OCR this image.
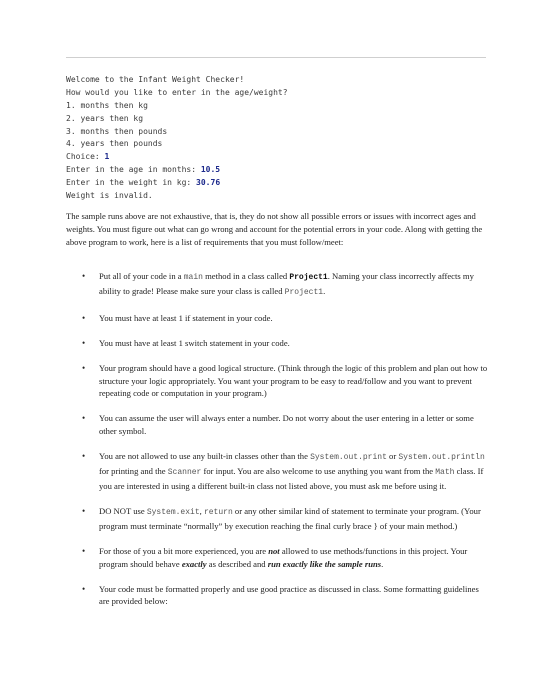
Welcome to the Infant Weight Checker!
How would you like to enter in the age/weight?
1. months then kg
2. years then kg
3. months then pounds
4. years then pounds
Choice: 1
Enter in the age in months: 10.5
Enter in the weight in kg: 30.76
Weight is invalid.

The sample runs above are not exhaustive, that is, they do not show all possible errors or issues with incorrect ages and weights. You must figure out what can go wrong and account for the potential errors in your code. Along with getting the above program to work, here is a list of requirements that you must follow/meet:

• Put all of your code in a main method in a class called Project1. Naming your class incorrectly affects my ability to grade! Please make sure your class is called Project1.
• You must have at least 1 if statement in your code.
• You must have at least 1 switch statement in your code.
• Your program should have a good logical structure. (Think through the logic of this problem and plan out how to structure your logic appropriately. You want your program to be easy to read/follow and you want to prevent repeating code or computation in your program.)
• You can assume the user will always enter a number. Do not worry about the user entering in a letter or some other symbol.
• You are not allowed to use any built-in classes other than the System.out.print or System.out.println for printing and the Scanner for input. You are also welcome to use anything you want from the Math class. If you are interested in using a different built-in class not listed above, you must ask me before using it.
• DO NOT use System.exit, return or any other similar kind of statement to terminate your program. (Your program must terminate “normally” by execution reaching the final curly brace } of your main method.)
• For those of you a bit more experienced, you are not allowed to use methods/functions in this project. Your program should behave exactly as described and run exactly like the sample runs.
• Your code must be formatted properly and use good practice as discussed in class. Some formatting guidelines are provided below:
